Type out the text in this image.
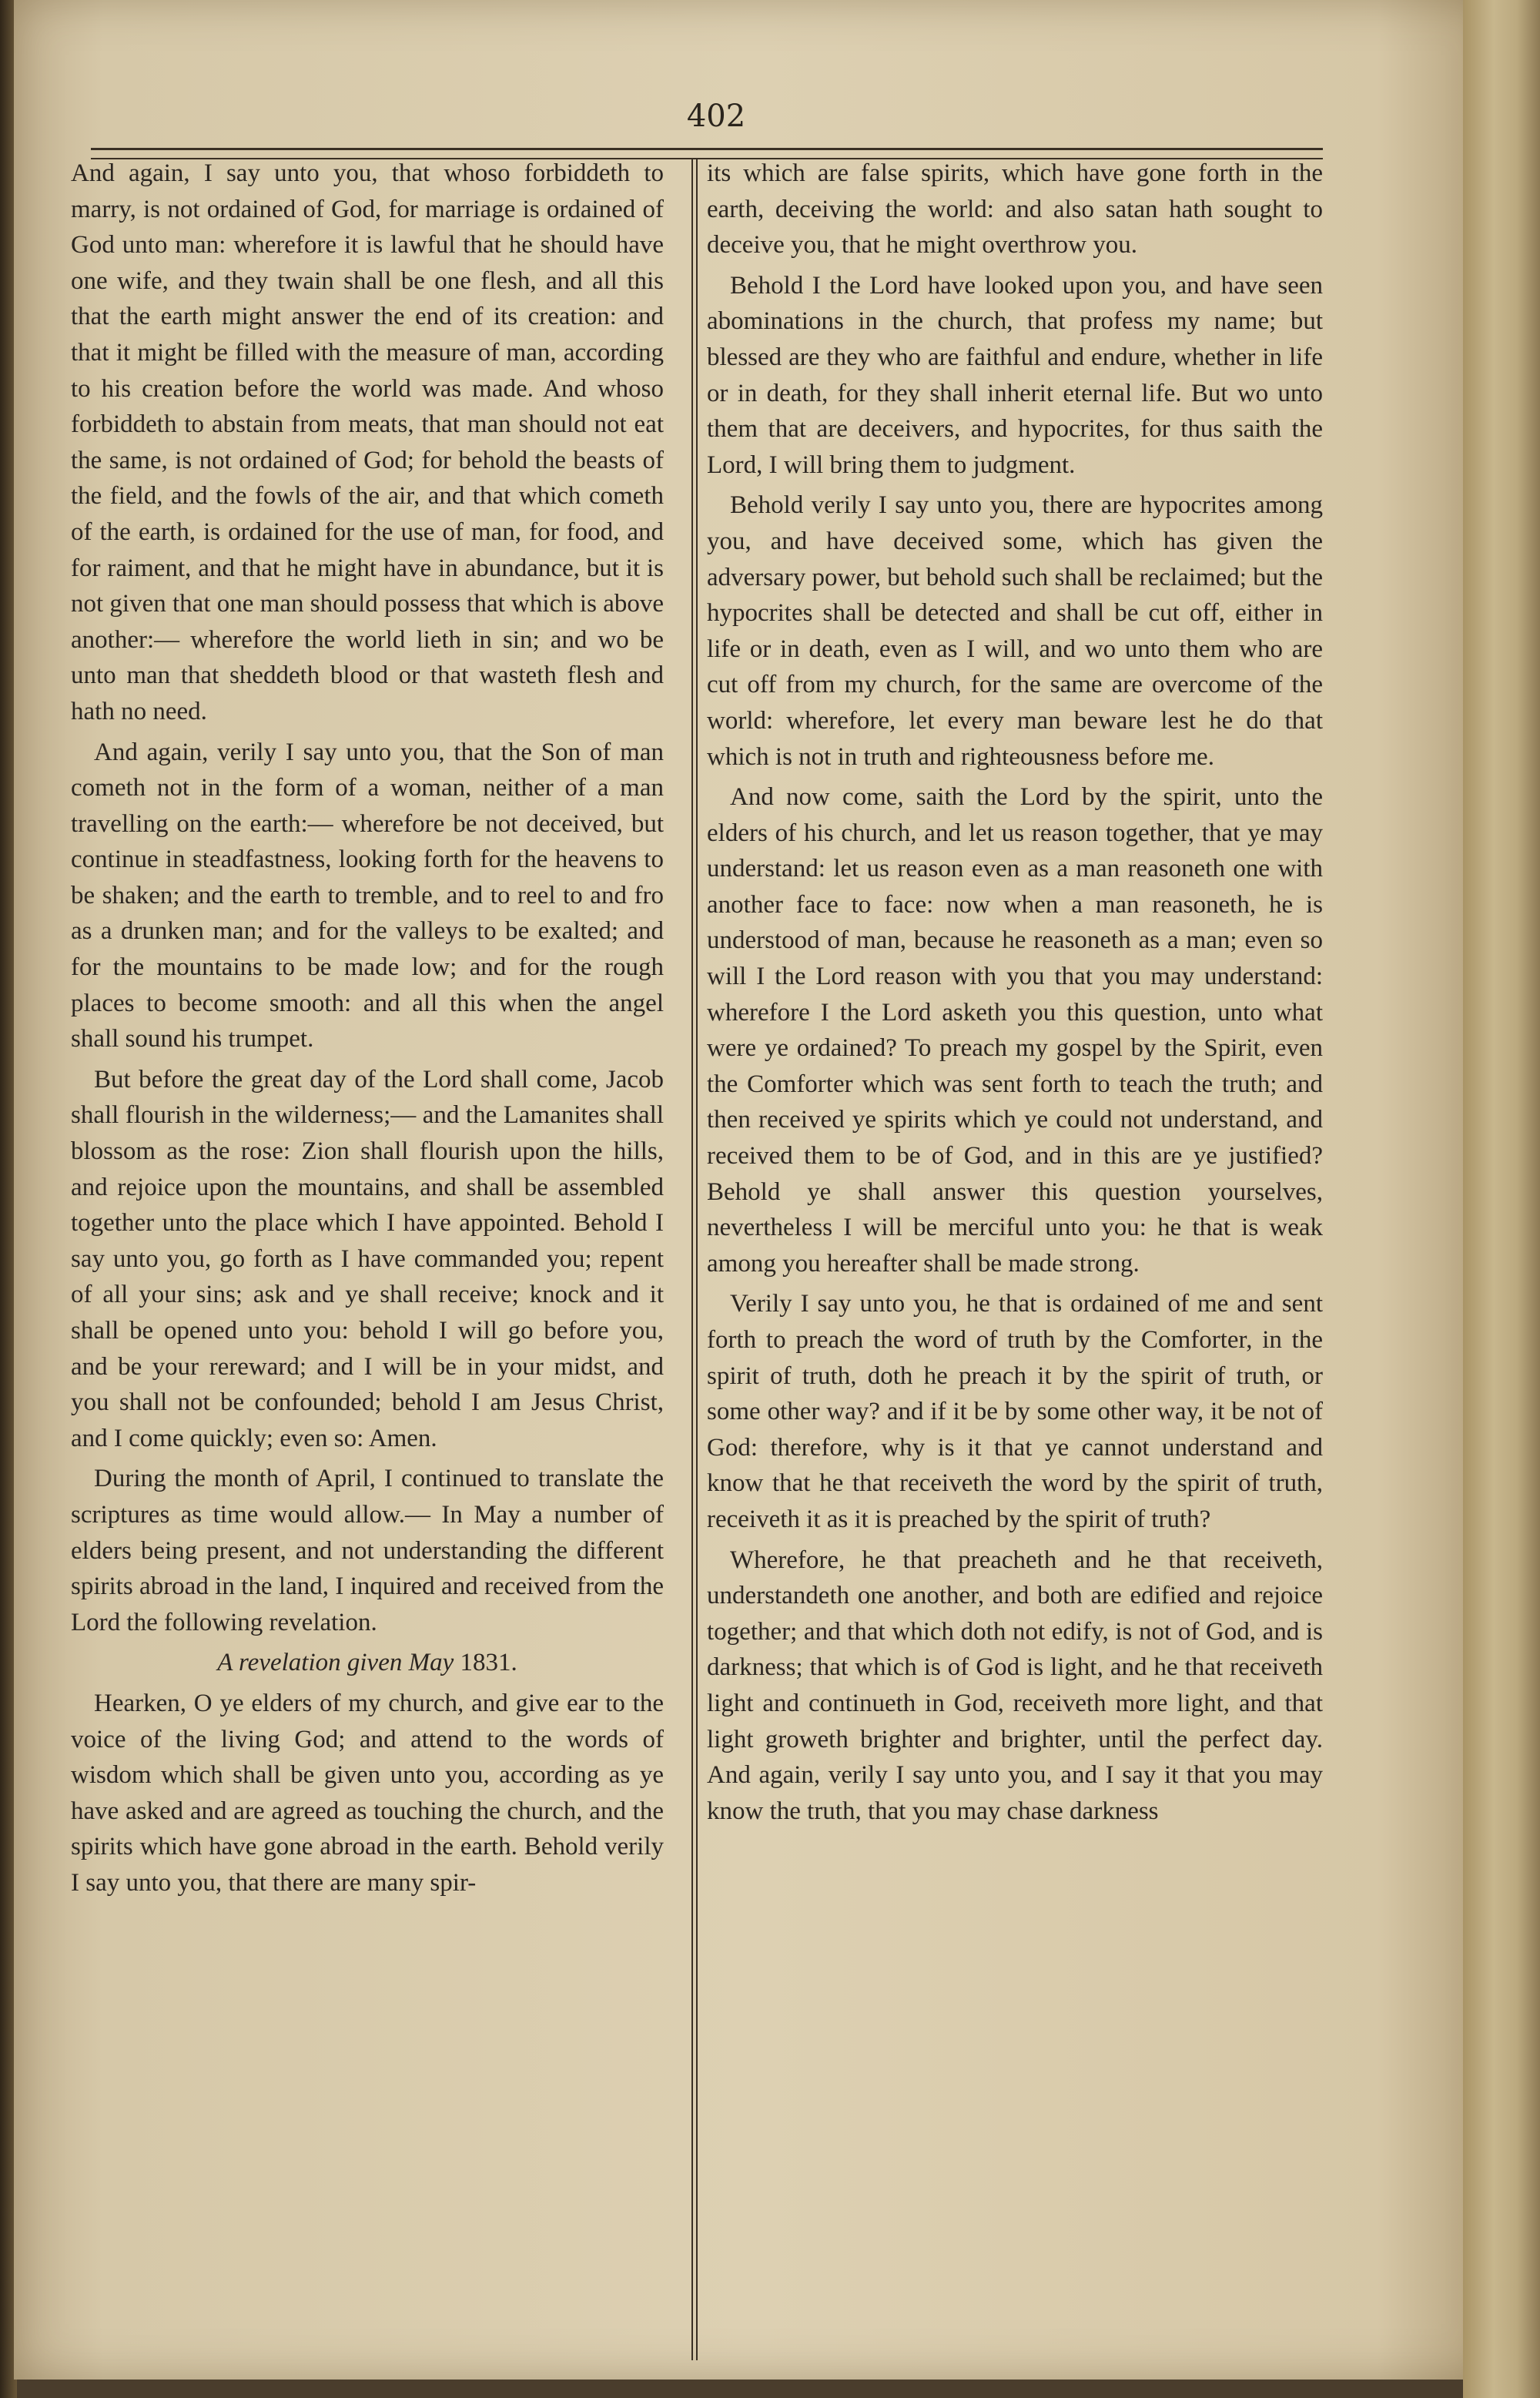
402

And again, I say unto you, that whoso forbiddeth to marry, is not ordained of God, for marriage is ordained of God unto man: wherefore it is lawful that he should have one wife, and they twain shall be one flesh, and all this that the earth might answer the end of its creation: and that it might be filled with the measure of man, according to his creation before the world was made. And whoso forbiddeth to abstain from meats, that man should not eat the same, is not ordained of God; for behold the beasts of the field, and the fowls of the air, and that which cometh of the earth, is ordained for the use of man, for food, and for raiment, and that he might have in abundance, but it is not given that one man should possess that which is above another:— wherefore the world lieth in sin; and wo be unto man that sheddeth blood or that wasteth flesh and hath no need.

And again, verily I say unto you, that the Son of man cometh not in the form of a woman, neither of a man travelling on the earth:— wherefore be not deceived, but continue in steadfastness, looking forth for the heavens to be shaken; and the earth to tremble, and to reel to and fro as a drunken man; and for the valleys to be exalted; and for the mountains to be made low; and for the rough places to become smooth: and all this when the angel shall sound his trumpet.

But before the great day of the Lord shall come, Jacob shall flourish in the wilderness;— and the Lamanites shall blossom as the rose: Zion shall flourish upon the hills, and rejoice upon the mountains, and shall be assembled together unto the place which I have appointed. Behold I say unto you, go forth as I have commanded you; repent of all your sins; ask and ye shall receive; knock and it shall be opened unto you: behold I will go before you, and be your rereward; and I will be in your midst, and you shall not be confounded; behold I am Jesus Christ, and I come quickly; even so: Amen.

During the month of April, I continued to translate the scriptures as time would allow.— In May a number of elders being present, and not understanding the different spirits abroad in the land, I inquired and received from the Lord the following revelation.

A revelation given May 1831.

Hearken, O ye elders of my church, and give ear to the voice of the living God; and attend to the words of wisdom which shall be given unto you, according as ye have asked and are agreed as touching the church, and the spirits which have gone abroad in the earth. Behold verily I say unto you, that there are many spir-

its which are false spirits, which have gone forth in the earth, deceiving the world: and also satan hath sought to deceive you, that he might overthrow you.

Behold I the Lord have looked upon you, and have seen abominations in the church, that profess my name; but blessed are they who are faithful and endure, whether in life or in death, for they shall inherit eternal life. But wo unto them that are deceivers, and hypocrites, for thus saith the Lord, I will bring them to judgment.

Behold verily I say unto you, there are hypocrites among you, and have deceived some, which has given the adversary power, but behold such shall be reclaimed; but the hypocrites shall be detected and shall be cut off, either in life or in death, even as I will, and wo unto them who are cut off from my church, for the same are overcome of the world: wherefore, let every man beware lest he do that which is not in truth and righteousness before me.

And now come, saith the Lord by the spirit, unto the elders of his church, and let us reason together, that ye may understand: let us reason even as a man reasoneth one with another face to face: now when a man reasoneth, he is understood of man, because he reasoneth as a man; even so will I the Lord reason with you that you may understand: wherefore I the Lord asketh you this question, unto what were ye ordained? To preach my gospel by the Spirit, even the Comforter which was sent forth to teach the truth; and then received ye spirits which ye could not understand, and received them to be of God, and in this are ye justified? Behold ye shall answer this question yourselves, nevertheless I will be merciful unto you: he that is weak among you hereafter shall be made strong.

Verily I say unto you, he that is ordained of me and sent forth to preach the word of truth by the Comforter, in the spirit of truth, doth he preach it by the spirit of truth, or some other way? and if it be by some other way, it be not of God: therefore, why is it that ye cannot understand and know that he that receiveth the word by the spirit of truth, receiveth it as it is preached by the spirit of truth?

Wherefore, he that preacheth and he that receiveth, understandeth one another, and both are edified and rejoice together; and that which doth not edify, is not of God, and is darkness; that which is of God is light, and he that receiveth light and continueth in God, receiveth more light, and that light groweth brighter and brighter, until the perfect day. And again, verily I say unto you, and I say it that you may know the truth, that you may chase darkness
